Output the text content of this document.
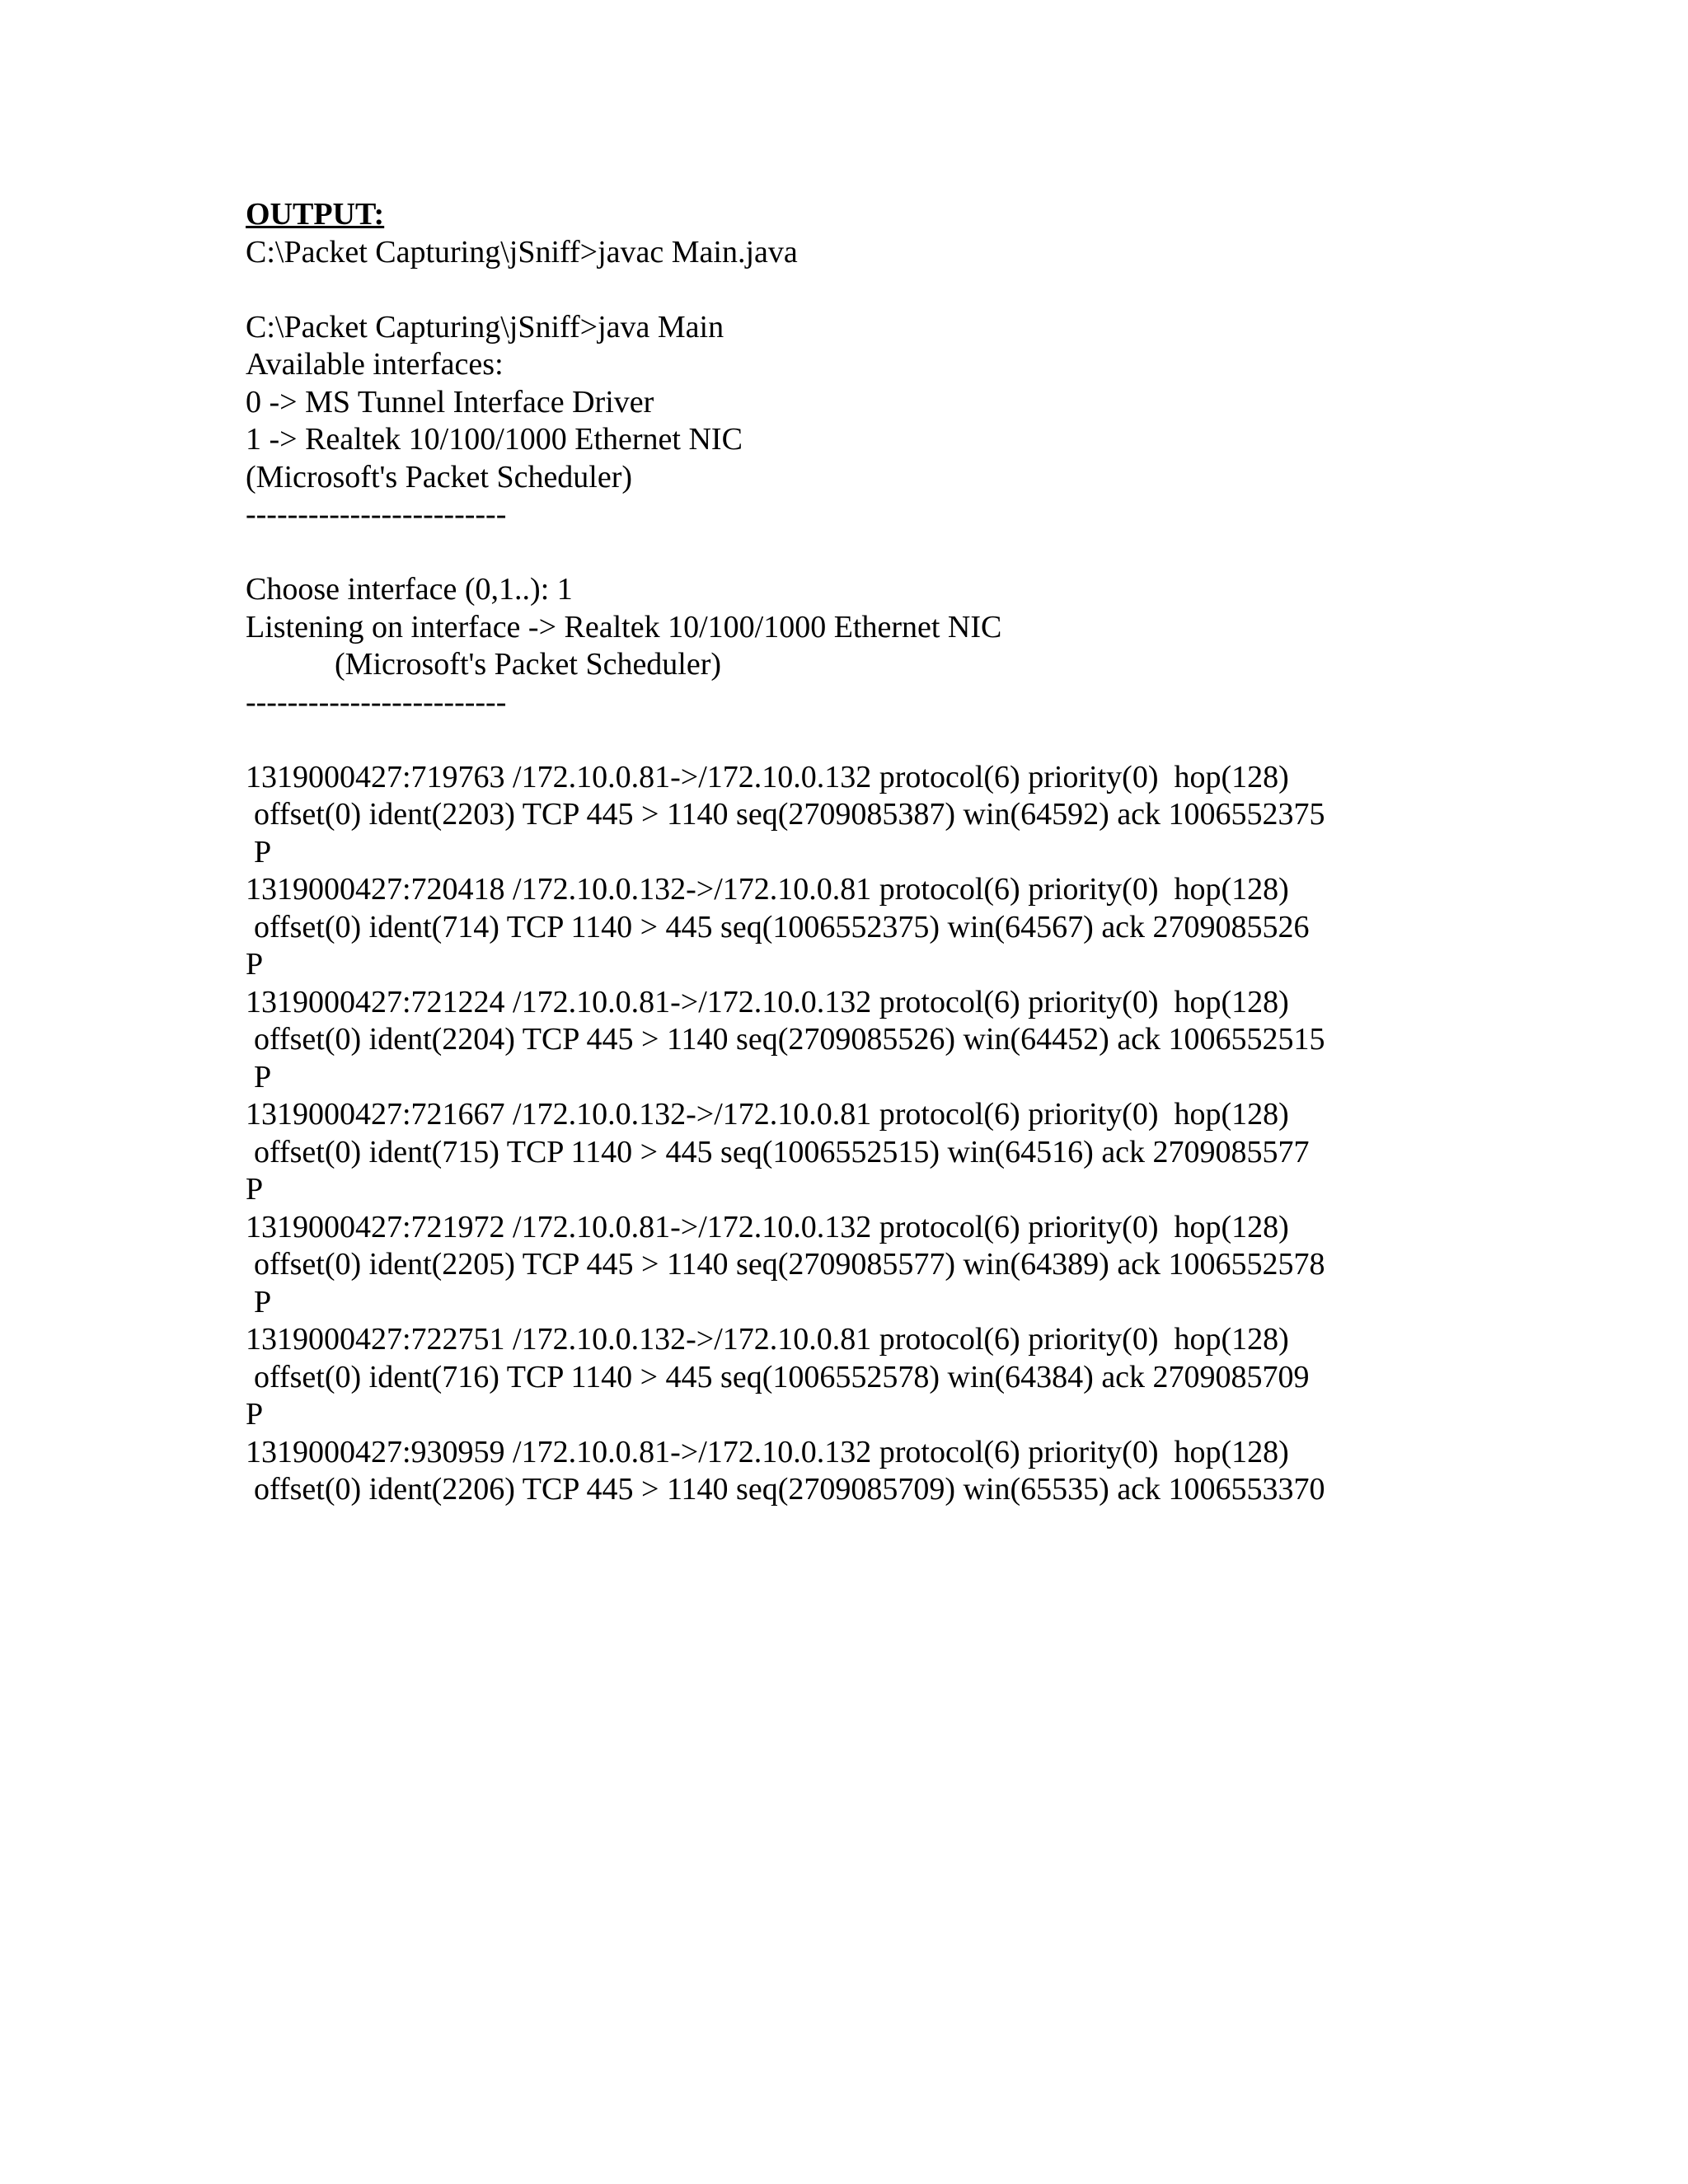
OUTPUT:
C:\Packet Capturing\jSniff>javac Main.java
C:\Packet Capturing\jSniff>java Main
Available interfaces:
0 -> MS Tunnel Interface Driver
1 -> Realtek 10/100/1000 Ethernet NIC
(Microsoft's Packet Scheduler)
-------------------------
Choose interface (0,1..): 1
Listening on interface -> Realtek 10/100/1000 Ethernet NIC
(Microsoft's Packet Scheduler)
-------------------------
1319000427:719763 /172.10.0.81->/172.10.0.132 protocol(6) priority(0)  hop(128)
offset(0) ident(2203) TCP 445 > 1140 seq(2709085387) win(64592) ack 1006552375
P
1319000427:720418 /172.10.0.132->/172.10.0.81 protocol(6) priority(0)  hop(128)
offset(0) ident(714) TCP 1140 > 445 seq(1006552375) win(64567) ack 2709085526
P
1319000427:721224 /172.10.0.81->/172.10.0.132 protocol(6) priority(0)  hop(128)
offset(0) ident(2204) TCP 445 > 1140 seq(2709085526) win(64452) ack 1006552515
P
1319000427:721667 /172.10.0.132->/172.10.0.81 protocol(6) priority(0)  hop(128)
offset(0) ident(715) TCP 1140 > 445 seq(1006552515) win(64516) ack 2709085577
P
1319000427:721972 /172.10.0.81->/172.10.0.132 protocol(6) priority(0)  hop(128)
offset(0) ident(2205) TCP 445 > 1140 seq(2709085577) win(64389) ack 1006552578
P
1319000427:722751 /172.10.0.132->/172.10.0.81 protocol(6) priority(0)  hop(128)
offset(0) ident(716) TCP 1140 > 445 seq(1006552578) win(64384) ack 2709085709
P
1319000427:930959 /172.10.0.81->/172.10.0.132 protocol(6) priority(0)  hop(128)
offset(0) ident(2206) TCP 445 > 1140 seq(2709085709) win(65535) ack 1006553370
